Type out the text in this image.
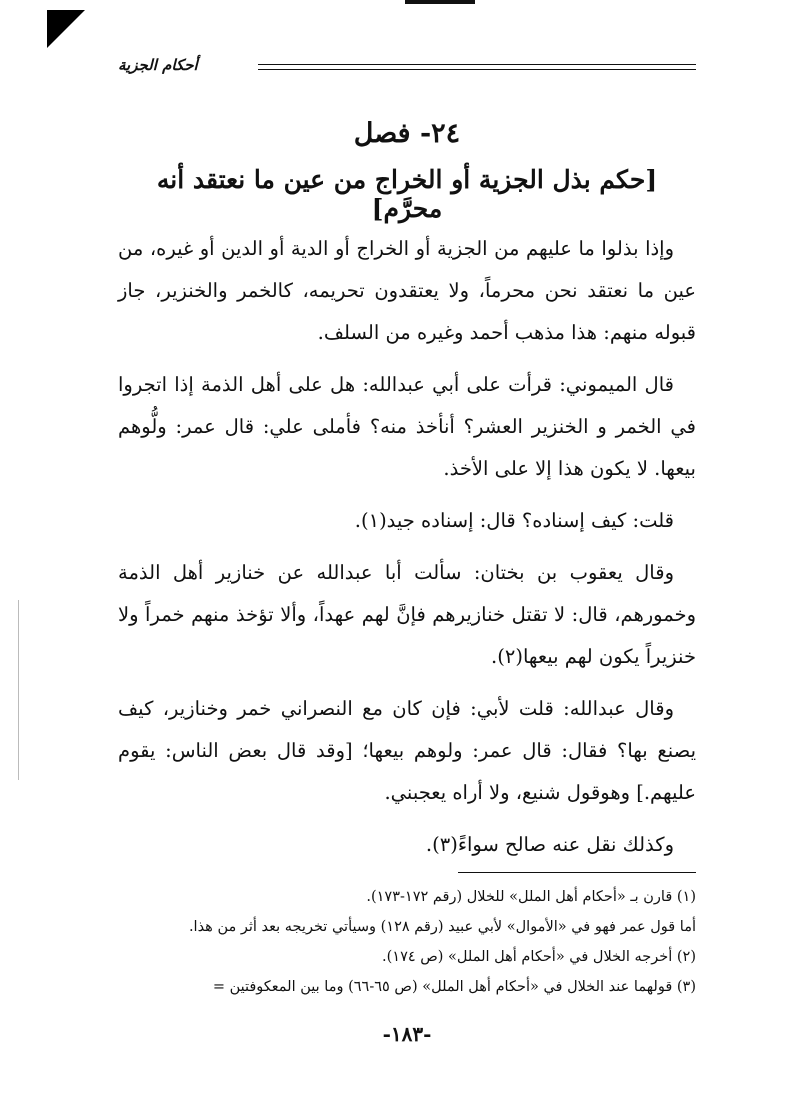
أحكام الجزية
٢٤- فصل
[حكم بذل الجزية أو الخراج من عين ما نعتقد أنه محرَّم]

وإذا بذلوا ما عليهم من الجزية أو الخراج أو الدية أو الدين أو غيره، من عين ما نعتقد نحن محرماً، ولا يعتقدون تحريمه، كالخمر والخنزير، جاز قبوله منهم: هذا مذهب أحمد وغيره من السلف.

قال الميموني: قرأت على أبي عبدالله: هل على أهل الذمة إذا اتجروا في الخمر و الخنزير العشر؟ أنأخذ منه؟ فأملى علي: قال عمر: ولُّوهم بيعها. لا يكون هذا إلا على الأخذ.

قلت: كيف إسناده؟ قال: إسناده جيد(١).

وقال يعقوب بن بختان: سألت أبا عبدالله عن خنازير أهل الذمة وخمورهم، قال: لا تقتل خنازيرهم فإنَّ لهم عهداً، وألا تؤخذ منهم خمراً ولا خنزيراً يكون لهم بيعها(٢).

وقال عبدالله: قلت لأبي: فإن كان مع النصراني خمر وخنازير، كيف يصنع بها؟ فقال: قال عمر: ولوهم بيعها؛ [وقد قال بعض الناس: يقوم عليهم.] وهوقول شنيع، ولا أراه يعجبني.

وكذلك نقل عنه صالح سواءً(٣).

(١) قارن بـ «أحكام أهل الملل» للخلال (رقم ١٧٢-١٧٣).
أما قول عمر فهو في «الأموال» لأبي عبيد (رقم ١٢٨) وسيأتي تخريجه بعد أثر من هذا.
(٢) أخرجه الخلال في «أحكام أهل الملل» (ص ١٧٤).
(٣) قولهما عند الخلال في «أحكام أهل الملل» (ص ٦٥-٦٦) وما بين المعكوفتين =
-١٨٣-
